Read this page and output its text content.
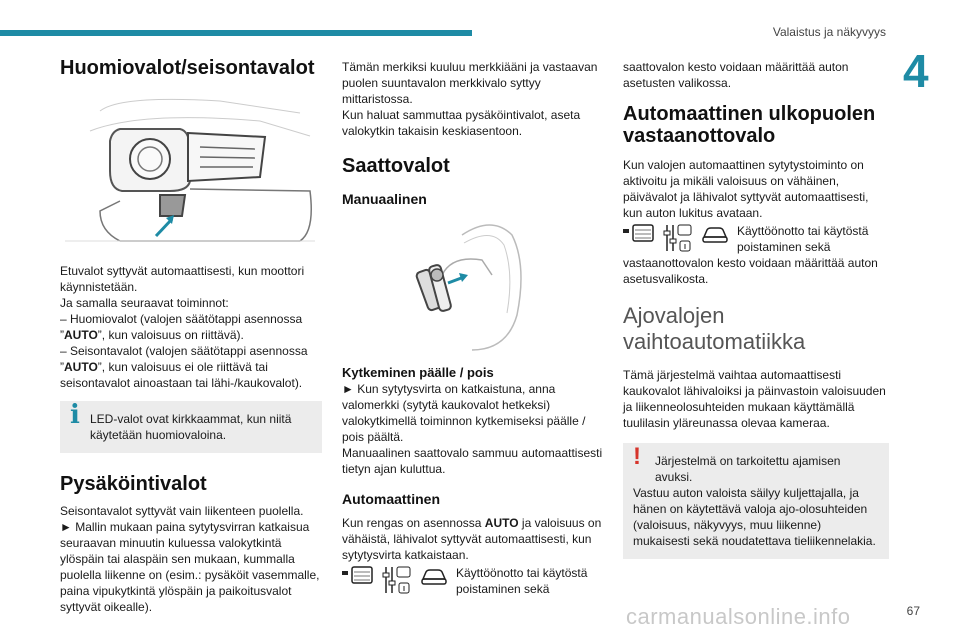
Valaistus ja näkyvyys
4
Huomiovalot/seisontavalot

Etuvalot syttyvät automaattisesti, kun moottori käynnistetään.

Ja samalla seuraavat toiminnot:

– Huomiovalot (valojen säätötappi asennossa ”AUTO”, kun valoisuus on riittävä).

– Seisontavalot (valojen säätötappi asennossa ”AUTO”, kun valoisuus ei ole riittävä tai seisontavalot ainoastaan tai lähi-/kaukovalot).

i LED-valot ovat kirkkaammat, kun niitä käytetään huomiovaloina.
Pysäköintivalot

Seisontavalot syttyvät vain liikenteen puolella.

► Mallin mukaan paina sytytysvirran katkaisua seuraavan minuutin kuluessa valokytkintä ylöspäin tai alaspäin sen mukaan, kummalla puolella liikenne on (esim.: pysäköit vasemmalle, paina vipukytkintä ylöspäin ja paikoitusvalot syttyvät oikealle).

Tämän merkiksi kuuluu merkkiääni ja vastaavan puolen suuntavalon merkkivalo syttyy mittaristossa.

Kun haluat sammuttaa pysäköintivalot, aseta valokytkin takaisin keskiasentoon.

Saattovalot
Manuaalinen
Kytkeminen päälle / pois

► Kun sytytysvirta on katkaistuna, anna valomerkki (sytytä kaukovalot hetkeksi) valokytkimellä toiminnon kytkemiseksi päälle / pois päältä.

Manuaalinen saattovalo sammuu automaattisesti tietyn ajan kuluttua.

Automaattinen

Kun rengas on asennossa AUTO ja valoisuus on vähäistä, lähivalot syttyvät automaattisesti, kun sytytysvirta katkaistaan.

Käyttöönotto tai käytöstä poistaminen sekä

saattovalon kesto voidaan määrittää auton asetusten valikossa.

Automaattinen ulkopuolen vastaanottovalo

Kun valojen automaattinen sytytystoiminto on aktivoitu ja mikäli valoisuus on vähäinen, päivävalot ja lähivalot syttyvät automaattisesti, kun auton lukitus avataan.

Käyttöönotto tai käytöstä poistaminen sekä

vastaanottovalon kesto voidaan määrittää auton asetusvalikosta.

Ajovalojen
vaihtoautomatiikka

Tämä järjestelmä vaihtaa automaattisesti kaukovalot lähivaloiksi ja päinvastoin valoisuuden ja liikenneolosuhteiden mukaan käyttämällä tuulilasin yläreunassa olevaa kameraa.

!	Järjestelmä on tarkoitettu ajamisen avuksi.

Vastuu auton valoista säilyy kuljettajalla, ja hänen on käytettävä valoja ajo-olosuhteiden (valoisuus, näkyvyys, muu liikenne) mukaisesti sekä noudatettava tieliikennelakia.

carmanualsonline.info	67
